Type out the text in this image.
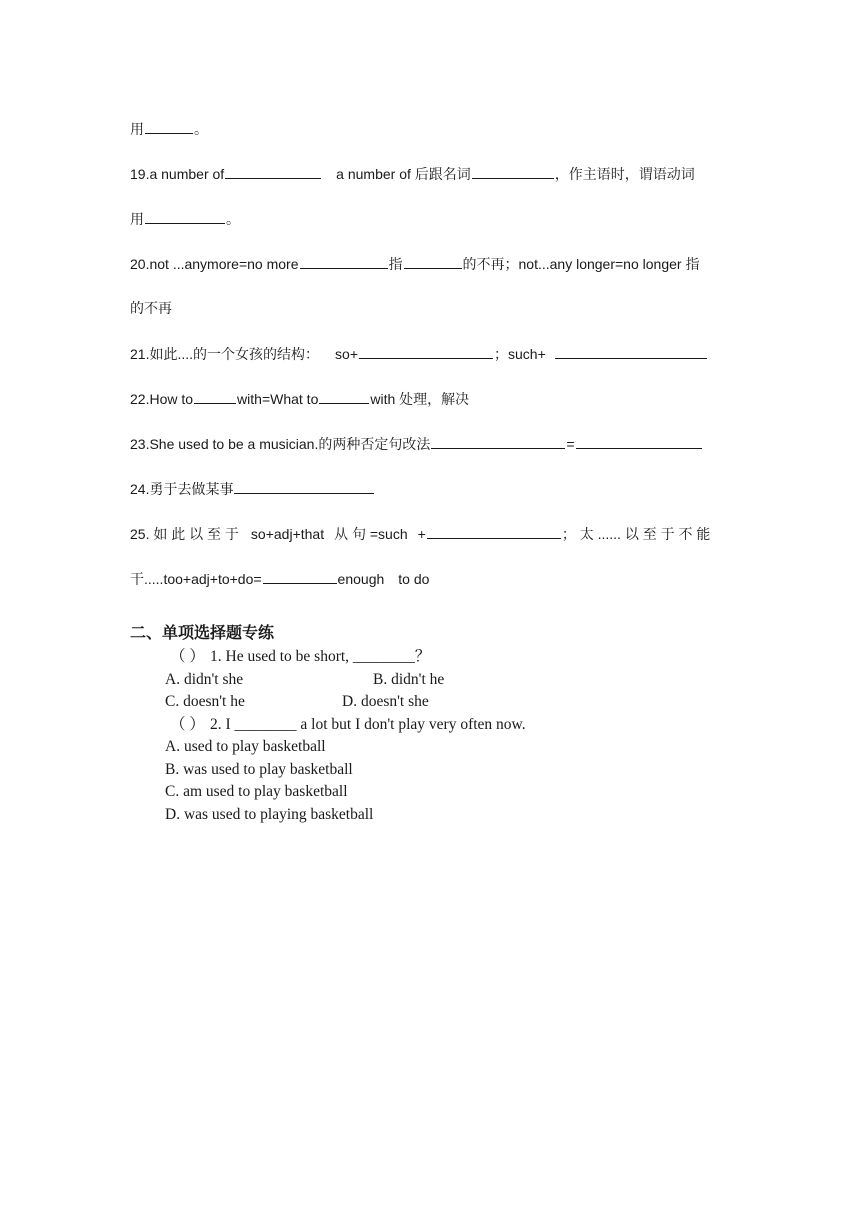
用	。
19.a number of	a number of 后跟名词	，作主语时，谓语动词
用	。
20.not ...anymore=no more	指	的不再；not...any longer=no longer 指
的不再
21.如此....的一个女孩的结构： so+	；such+
22.How to	with=What to	with 处理，解决
23.She used to be a musician.的两种否定句改法	=
24.勇于去做某事
25. 如 此 以 至 于 so+adj+that 从 句 =such +	； 太 ...... 以 至 于 不 能
干.....too+adj+to+do=	enough to do
二、单项选择题专练
（ ） 1. He used to be short, ________？
A. didn't she	B. didn't he
C. doesn't he	D. doesn't she
（ ） 2. I ________ a lot but I don't play very often now.
A. used to play basketball
B. was used to play basketball
C. am used to play basketball
D. was used to playing basketball
